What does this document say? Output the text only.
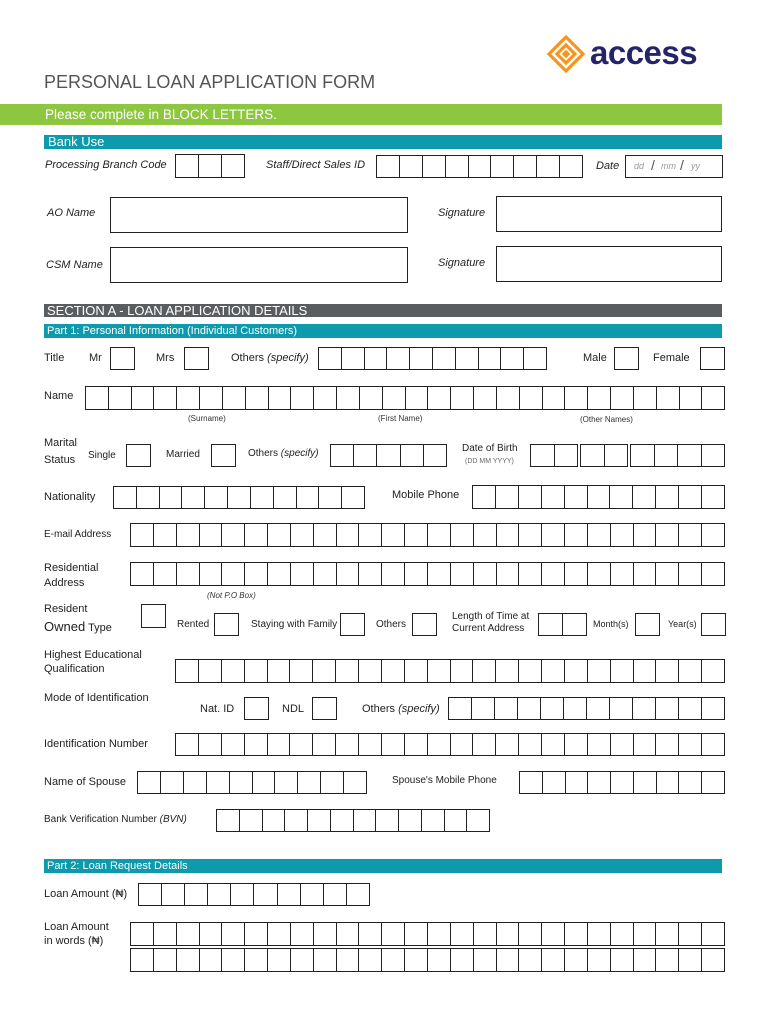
access
PERSONAL LOAN APPLICATION FORM
Please complete in BLOCK LETTERS.
Bank Use
Processing Branch Code	Staff/Direct Sales ID	Date dd / mm / yy
AO Name	Signature
CSM Name	Signature
SECTION A - LOAN APPLICATION DETAILS
Part 1: Personal Information (Individual Customers)
Title Mr	Mrs	Others (specify)	Male	Female
Name
(Surname)	(First Name)	(Other Names)
Marital
Status Single	Married	Others (specify)	Date of Birth
(DD MM YYYY)
Nationality	Mobile Phone
E-mail Address
Residential
Address
(Not P.O Box)
Resident
Owned Type	Rented	Staying with Family	Others
Length of Time at
Current Address	Month(s)	Year(s)
Highest Educational
Qualification
Mode of Identification
Nat. ID	NDL	Others (specify)
Identification Number
Name of Spouse	Spouse's Mobile Phone
Bank Verification Number (BVN)
Part 2: Loan Request Details
Loan Amount (₦)
Loan Amount
in words (₦)
